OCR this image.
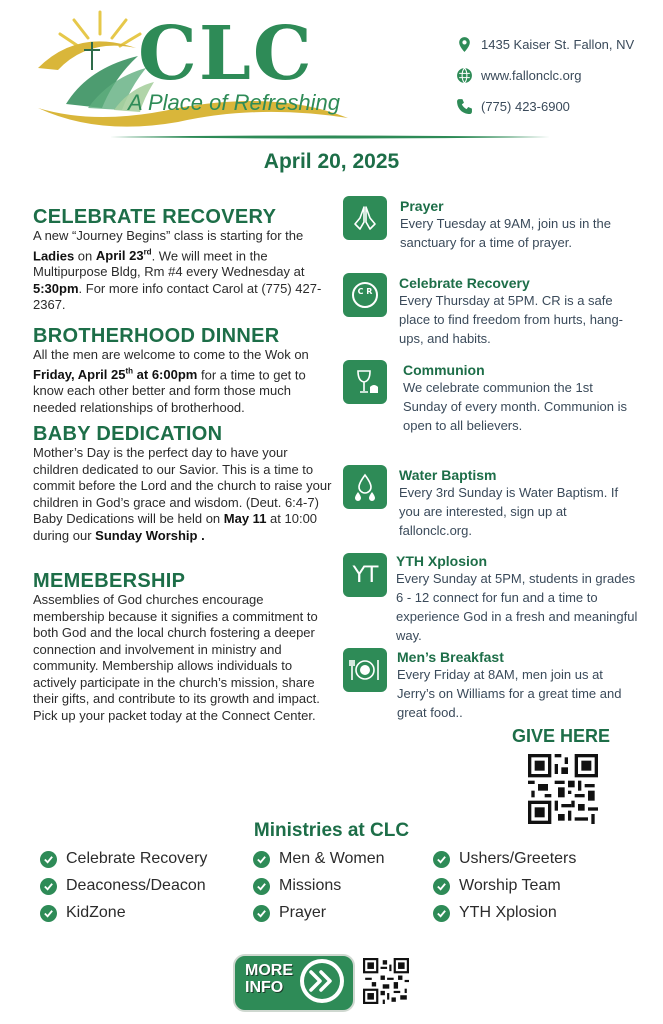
CLC
A Place of Refreshing
1435 Kaiser St. Fallon, NV
www.fallonclc.org
(775) 423-6900
April 20, 2025
CELEBRATE RECOVERY

A new “Journey Begins” class is starting for the Ladies on April 23rd. We will meet in the Multipurpose Bldg, Rm #4 every Wednesday at 5:30pm. For more info contact Carol at (775) 427-2367.

BROTHERHOOD DINNER

All the men are welcome to come to the Wok on Friday, April 25th at 6:00pm for a time to get to know each other better and form those much needed relationships of brotherhood.

BABY DEDICATION

Mother’s Day is the perfect day to have your children dedicated to our Savior. This is a time to commit before the Lord and the church to raise your children in God’s grace and wisdom. (Deut. 6:4-7) Baby Dedications will be held on May 11 at 10:00 during our Sunday Worship .

MEMEBERSHIP

Assemblies of God churches encourage membership because it signifies a commitment to both God and the local church fostering a deeper connection and involvement in ministry and community. Membership allows individuals to actively participate in the church’s mission, share their gifts, and contribute to its growth and impact. Pick up your packet today at the Connect Center.

Prayer
Every Tuesday at 9AM, join us in the sanctuary for a time of prayer.
C R
Celebrate Recovery
Every Thursday at 5PM. CR is a safe place to find freedom from hurts, hang-ups, and habits.
Communion
We celebrate communion the 1st Sunday of every month. Communion is open to all believers.
Water Baptism
Every 3rd Sunday is Water Baptism. If you are interested, sign up at fallonclc.org.
YT
YTH Xplosion
Every Sunday at 5PM, students in grades 6 - 12 connect for fun and a time to experience God in a fresh and meaningful way.
Men’s Breakfast
Every Friday at 8AM, men join us at Jerry’s on Williams for a great time and great food..
GIVE HERE
Ministries at CLC
Celebrate Recovery
Deaconess/Deacon
KidZone
Men & Women
Missions
Prayer
Ushers/Greeters
Worship Team
YTH Xplosion
MORE
INFO
